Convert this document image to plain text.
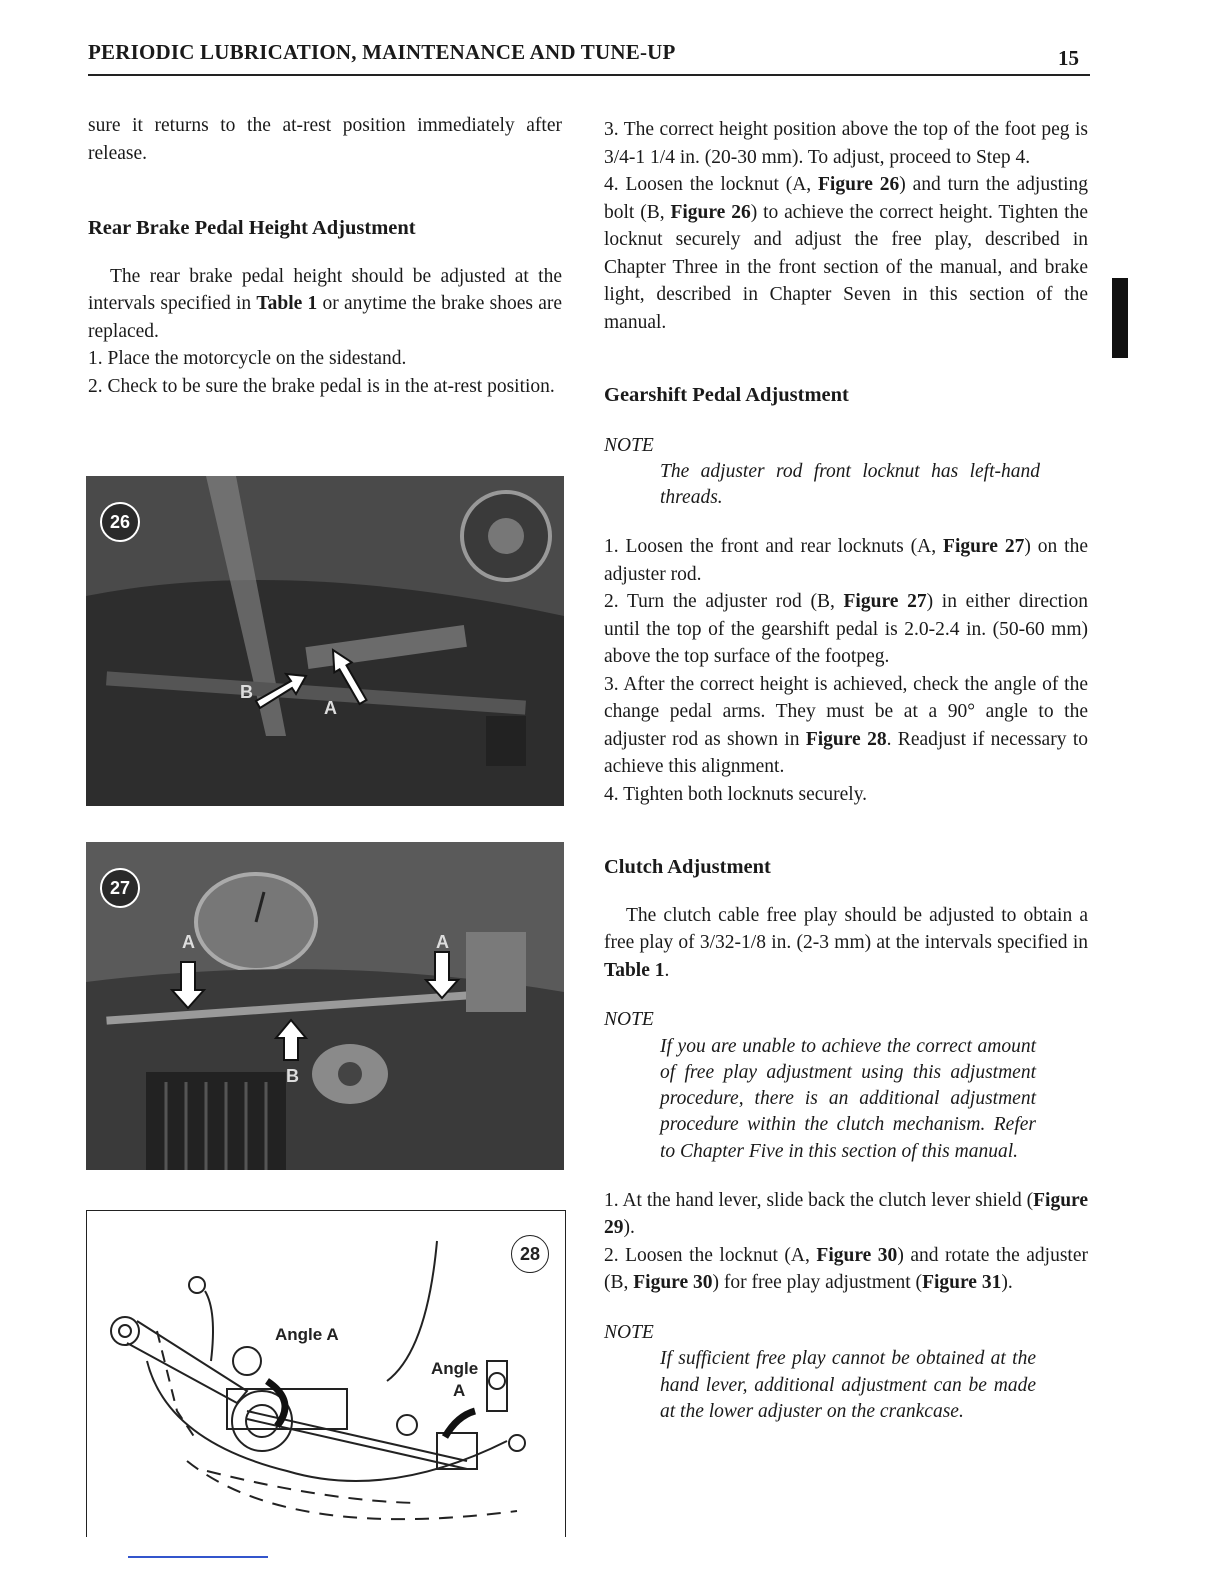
PERIODIC LUBRICATION, MAINTENANCE AND TUNE-UP	15

sure it returns to the at-rest position immediately after release.

Rear Brake Pedal Height Adjustment

The rear brake pedal height should be adjusted at the intervals specified in Table 1 or anytime the brake shoes are replaced.

1. Place the motorcycle on the sidestand.

2. Check to be sure the brake pedal is in the at-rest position.

26
B
A
27
A	A
B
28
Angle A
Angle
A

3. The correct height position above the top of the foot peg is 3/4-1 1/4 in. (20-30 mm). To adjust, proceed to Step 4.

4. Loosen the locknut (A, Figure 26) and turn the adjusting bolt (B, Figure 26) to achieve the correct height. Tighten the locknut securely and adjust the free play, described in Chapter Three in the front section of the manual, and brake light, described in Chapter Seven in this section of the manual.

Gearshift Pedal Adjustment

NOTE

The adjuster rod front locknut has left-hand threads.

1. Loosen the front and rear locknuts (A, Figure 27) on the adjuster rod.

2. Turn the adjuster rod (B, Figure 27) in either direction until the top of the gearshift pedal is 2.0-2.4 in. (50-60 mm) above the top surface of the footpeg.

3. After the correct height is achieved, check the angle of the change pedal arms. They must be at a 90° angle to the adjuster rod as shown in Figure 28. Readjust if necessary to achieve this alignment.

4. Tighten both locknuts securely.

Clutch Adjustment

The clutch cable free play should be adjusted to obtain a free play of 3/32-1/8 in. (2-3 mm) at the intervals specified in Table 1.

NOTE

If you are unable to achieve the correct amount of free play adjustment using this adjustment procedure, there is an additional adjustment procedure within the clutch mechanism. Refer to Chapter Five in this section of this manual.

1. At the hand lever, slide back the clutch lever shield (Figure 29).

2. Loosen the locknut (A, Figure 30) and rotate the adjuster (B, Figure 30) for free play adjustment (Figure 31).

NOTE

If sufficient free play cannot be obtained at the hand lever, additional adjustment can be made at the lower adjuster on the crankcase.
